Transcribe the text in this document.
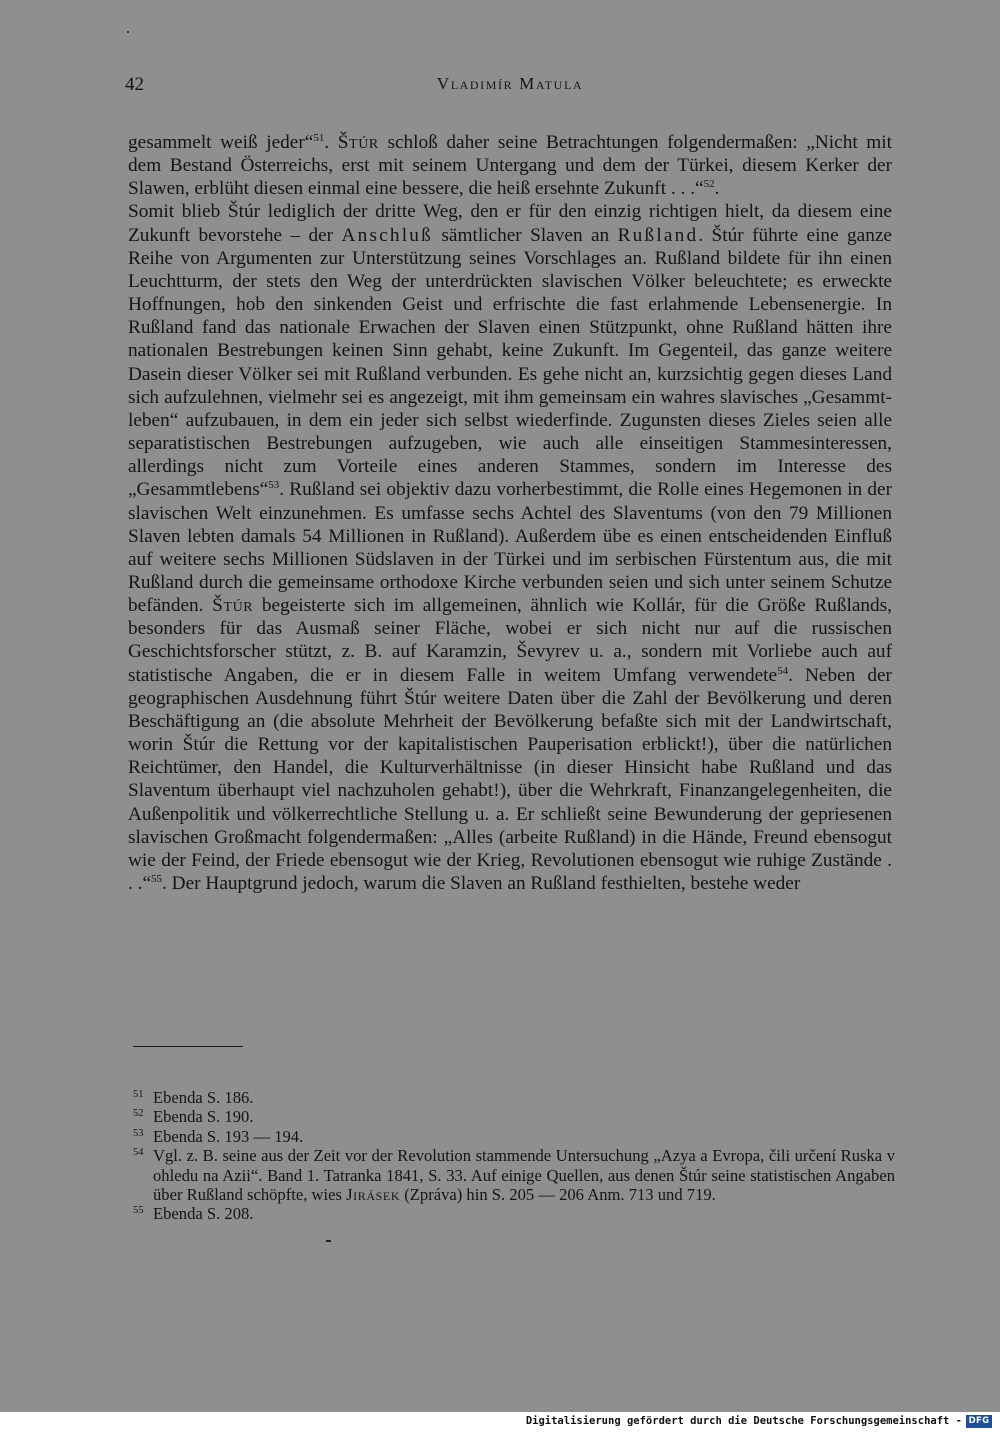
42	Vladimír Matula

gesammelt weiß jeder“$^{51}$. Štúr schloß daher seine Betrachtungen folgendermaßen: „Nicht mit dem Bestand Österreichs, erst mit seinem Untergang und dem der Türkei, diesem Kerker der Slawen, erblüht diesen einmal eine bessere, die heiß ersehnte Zukunft . . .“$^{52}$.

Somit blieb Štúr lediglich der dritte Weg, den er für den einzig richtigen hielt, da diesem eine Zukunft bevorstehe – der Anschluß sämtlicher Slaven an Rußland. Štúr führte eine ganze Reihe von Argumenten zur Unterstützung seines Vorschlages an. Rußland bildete für ihn einen Leuchtturm, der stets den Weg der unterdrückten slavischen Völker beleuchtete; es erweckte Hoffnungen, hob den sinkenden Geist und erfrischte die fast erlahmende Lebensenergie. In Rußland fand das nationale Erwachen der Slaven einen Stützpunkt, ohne Rußland hätten ihre nationalen Bestrebungen keinen Sinn gehabt, keine Zukunft. Im Gegenteil, das ganze weitere Dasein dieser Völker sei mit Rußland verbunden. Es gehe nicht an, kurzsichtig gegen dieses Land sich aufzulehnen, vielmehr sei es angezeigt, mit ihm gemeinsam ein wahres slavisches „Gesammtleben“ aufzubauen, in dem ein jeder sich selbst wiederfinde. Zugunsten dieses Zieles seien alle separatistischen Bestrebungen aufzugeben, wie auch alle einseitigen Stammesinteressen, allerdings nicht zum Vorteile eines anderen Stammes, sondern im Interesse des „Gesammtlebens“$^{53}$. Rußland sei objektiv dazu vorherbestimmt, die Rolle eines Hegemonen in der slavischen Welt einzunehmen. Es umfasse sechs Achtel des Slaventums (von den 79 Millionen Slaven lebten damals 54 Millionen in Rußland). Außerdem übe es einen entscheidenden Einfluß auf weitere sechs Millionen Südslaven in der Türkei und im serbischen Fürstentum aus, die mit Rußland durch die gemeinsame orthodoxe Kirche verbunden seien und sich unter seinem Schutze befänden. Štúr begeisterte sich im allgemeinen, ähnlich wie Kollár, für die Größe Rußlands, besonders für das Ausmaß seiner Fläche, wobei er sich nicht nur auf die russischen Geschichtsforscher stützt, z. B. auf Karamzin, Ševyrev u. a., sondern mit Vorliebe auch auf statistische Angaben, die er in diesem Falle in weitem Umfang verwendete$^{54}$. Neben der geographischen Ausdehnung führt Štúr weitere Daten über die Zahl der Bevölkerung und deren Beschäftigung an (die absolute Mehrheit der Bevölkerung befaßte sich mit der Landwirtschaft, worin Štúr die Rettung vor der kapitalistischen Pauperisation erblickt!), über die natürlichen Reichtümer, den Handel, die Kulturverhältnisse (in dieser Hinsicht habe Rußland und das Slaventum überhaupt viel nachzuholen gehabt!), über die Wehrkraft, Finanzangelegenheiten, die Außenpolitik und völkerrechtliche Stellung u. a. Er schließt seine Bewunderung der gepriesenen slavischen Großmacht folgendermaßen: „Alles (arbeite Rußland) in die Hände, Freund ebensogut wie der Feind, der Friede ebensogut wie der Krieg, Revolutionen ebensogut wie ruhige Zustände . . .“$^{55}$. Der Hauptgrund jedoch, warum die Slaven an Rußland festhielten, bestehe weder

51 Ebenda S. 186.
52 Ebenda S. 190.
53 Ebenda S. 193 — 194.
54 Vgl. z. B. seine aus der Zeit vor der Revolution stammende Untersuchung „Azya a Evropa, čili určení Ruska v ohledu na Azii“. Band 1. Tatranka 1841, S. 33. Auf einige Quellen, aus denen Štúr seine statistischen Angaben über Rußland schöpfte, wies Jirásek (Zpráva) hin S. 205 — 206 Anm. 713 und 719.
55 Ebenda S. 208.
Digitalisierung gefördert durch die Deutsche Forschungsgemeinschaft - DFG
